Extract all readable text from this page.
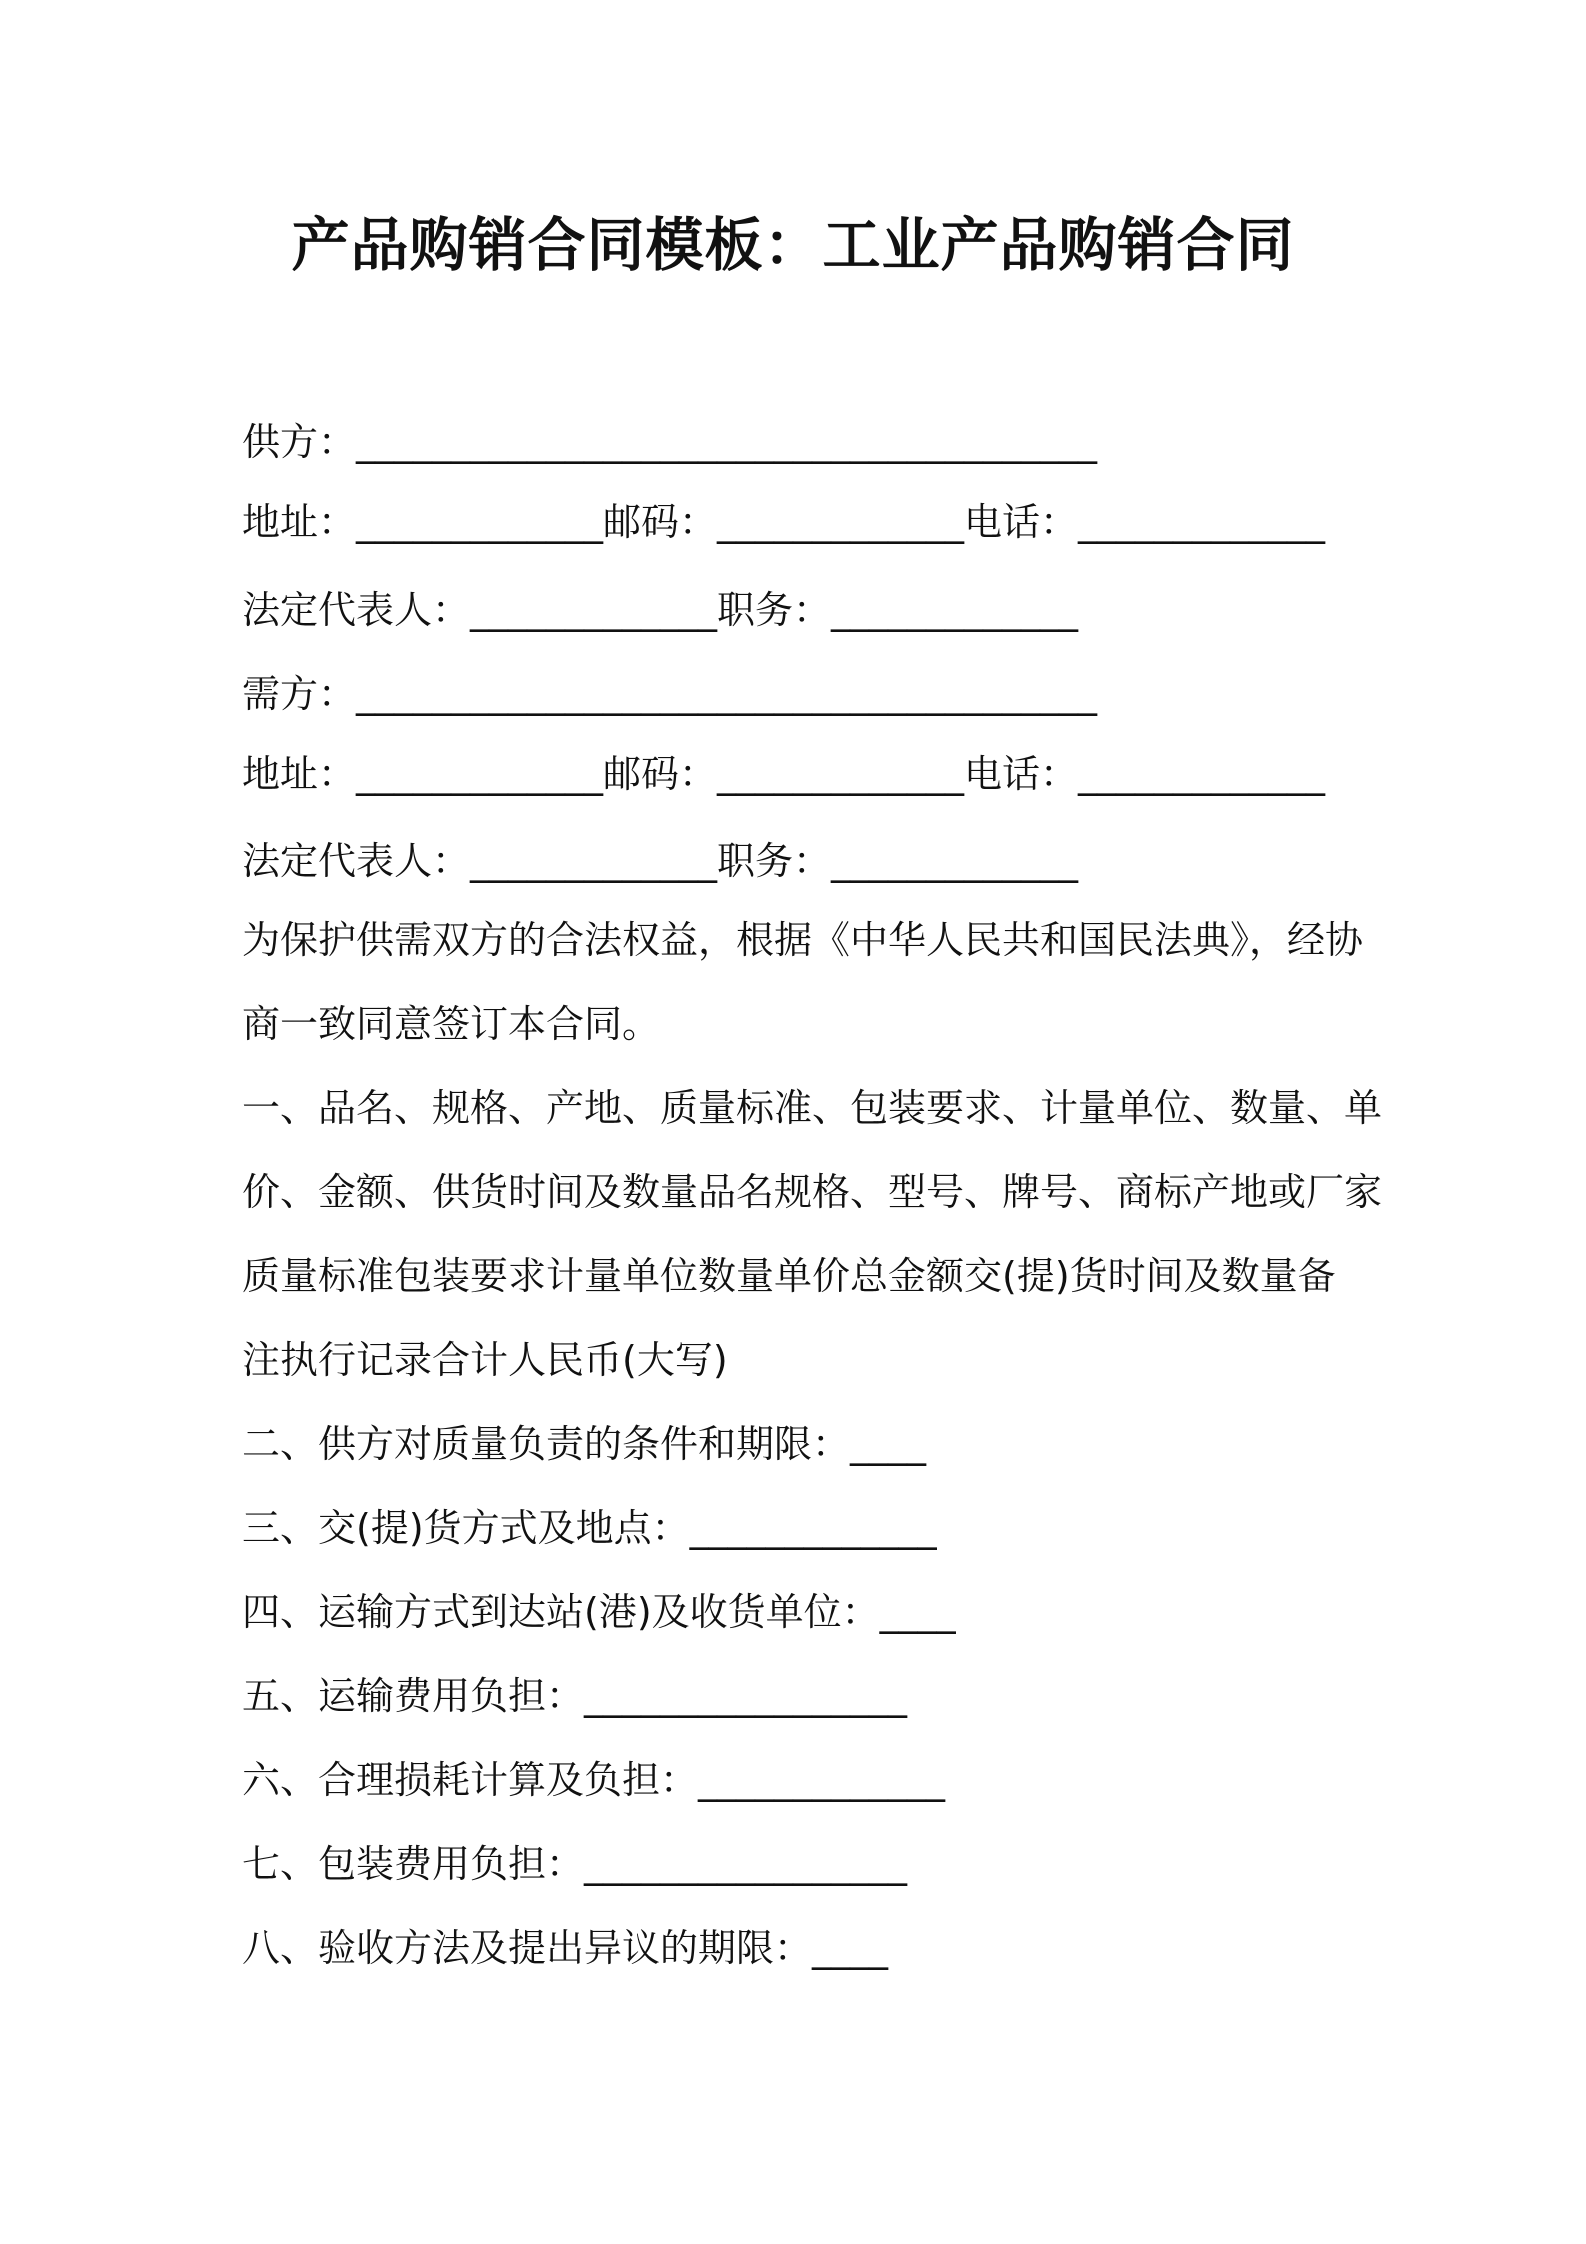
产品购销合同模板：工业产品购销合同
供方：_______________________________________
地址：_____________邮码：_____________电话：_____________
法定代表人：_____________职务：_____________
需方：_______________________________________
地址：_____________邮码：_____________电话：_____________
法定代表人：_____________职务：_____________
为保护供需双方的合法权益，根据《中华人民共和国民法典》，经协
商一致同意签订本合同。
一、品名、规格、产地、质量标准、包装要求、计量单位、数量、单
价、金额、供货时间及数量品名规格、型号、牌号、商标产地或厂家
质量标准包装要求计量单位数量单价总金额交(提)货时间及数量备
注执行记录合计人民币(大写)
二、供方对质量负责的条件和期限：____
三、交(提)货方式及地点：_____________
四、运输方式到达站(港)及收货单位：____
五、运输费用负担：_________________
六、合理损耗计算及负担：_____________
七、包装费用负担：_________________
八、验收方法及提出异议的期限：____
